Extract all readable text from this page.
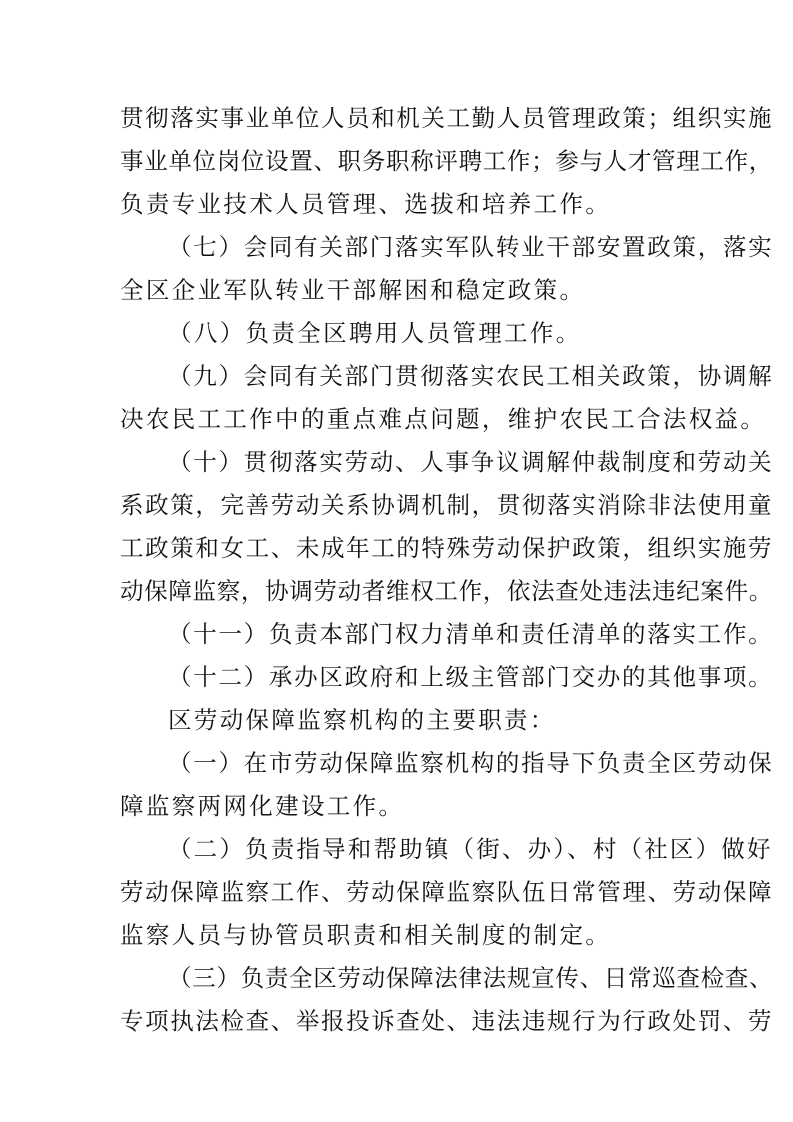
贯彻落实事业单位人员和机关工勤人员管理政策；组织实施
事业单位岗位设置、职务职称评聘工作；参与人才管理工作，
负责专业技术人员管理、选拔和培养工作。
（七）会同有关部门落实军队转业干部安置政策，落实
全区企业军队转业干部解困和稳定政策。
（八）负责全区聘用人员管理工作。
（九）会同有关部门贯彻落实农民工相关政策，协调解
决农民工工作中的重点难点问题，维护农民工合法权益。
（十）贯彻落实劳动、人事争议调解仲裁制度和劳动关
系政策，完善劳动关系协调机制，贯彻落实消除非法使用童
工政策和女工、未成年工的特殊劳动保护政策，组织实施劳
动保障监察，协调劳动者维权工作，依法查处违法违纪案件。
（十一）负责本部门权力清单和责任清单的落实工作。
（十二）承办区政府和上级主管部门交办的其他事项。
区劳动保障监察机构的主要职责：
（一）在市劳动保障监察机构的指导下负责全区劳动保
障监察两网化建设工作。
（二）负责指导和帮助镇（街、办）、村（社区）做好
劳动保障监察工作、劳动保障监察队伍日常管理、劳动保障
监察人员与协管员职责和相关制度的制定。
（三）负责全区劳动保障法律法规宣传、日常巡查检查、
专项执法检查、举报投诉查处、违法违规行为行政处罚、劳
